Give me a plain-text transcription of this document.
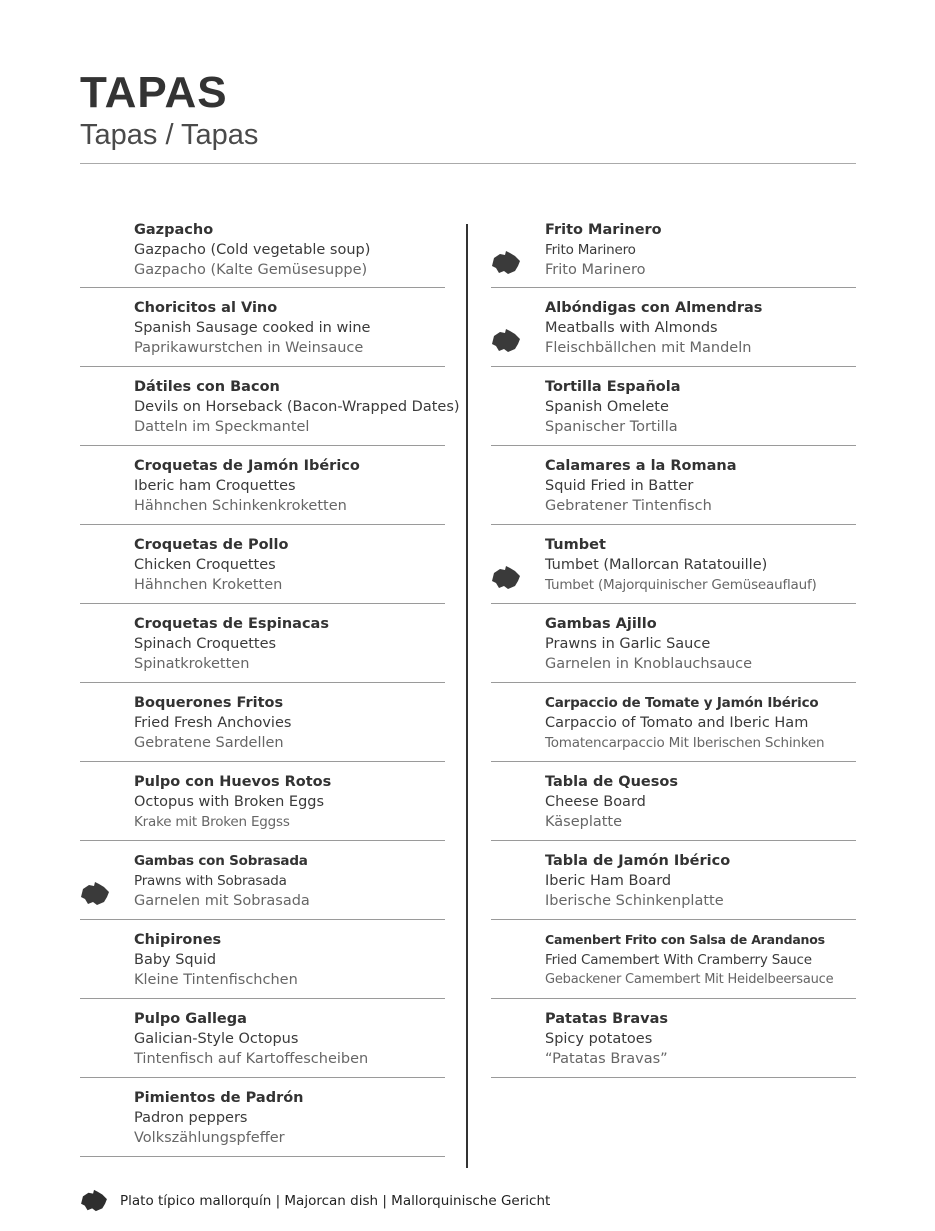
TAPAS
Tapas / Tapas
Gazpacho
Gazpacho (Cold vegetable soup)
Gazpacho (Kalte Gemüsesuppe)
Choricitos al Vino
Spanish Sausage cooked in wine
Paprikawurstchen in Weinsauce
Dátiles con Bacon
Devils on Horseback (Bacon-Wrapped Dates)
Datteln im Speckmantel
Croquetas de Jamón Ibérico
Iberic ham Croquettes
Hähnchen Schinkenkroketten
Croquetas de Pollo
Chicken Croquettes
Hähnchen Kroketten
Croquetas de Espinacas
Spinach Croquettes
Spinatkroketten
Boquerones Fritos
Fried Fresh Anchovies
Gebratene Sardellen
Pulpo con Huevos Rotos
Octopus with Broken Eggs
Krake mit Broken Eggss
Gambas con Sobrasada
Prawns with Sobrasada
Garnelen mit Sobrasada
Chipirones
Baby Squid
Kleine Tintenfischchen
Pulpo Gallega
Galician-Style Octopus
Tintenfisch auf Kartoffescheiben
Pimientos de Padrón
Padron peppers
Volkszählungspfeffer
Frito Marinero
Frito Marinero
Frito Marinero
Albóndigas con Almendras
Meatballs with Almonds
Fleischbällchen mit Mandeln
Tortilla Española
Spanish Omelete
Spanischer Tortilla
Calamares a la Romana
Squid Fried in Batter
Gebratener Tintenfisch
Tumbet
Tumbet (Mallorcan Ratatouille)
Tumbet (Majorquinischer Gemüseauflauf)
Gambas Ajillo
Prawns in Garlic Sauce
Garnelen in Knoblauchsauce
Carpaccio de Tomate y Jamón Ibérico
Carpaccio of Tomato and Iberic Ham
Tomatencarpaccio Mit Iberischen Schinken
Tabla de Quesos
Cheese Board
Käseplatte
Tabla de Jamón Ibérico
Iberic Ham Board
Iberische Schinkenplatte
Camenbert Frito con Salsa de Arandanos
Fried Camembert With Cramberry Sauce
Gebackener Camembert Mit Heidelbeersauce
Patatas Bravas
Spicy potatoes
“Patatas Bravas”
Plato típico mallorquín | Majorcan dish | Mallorquinische Gericht
